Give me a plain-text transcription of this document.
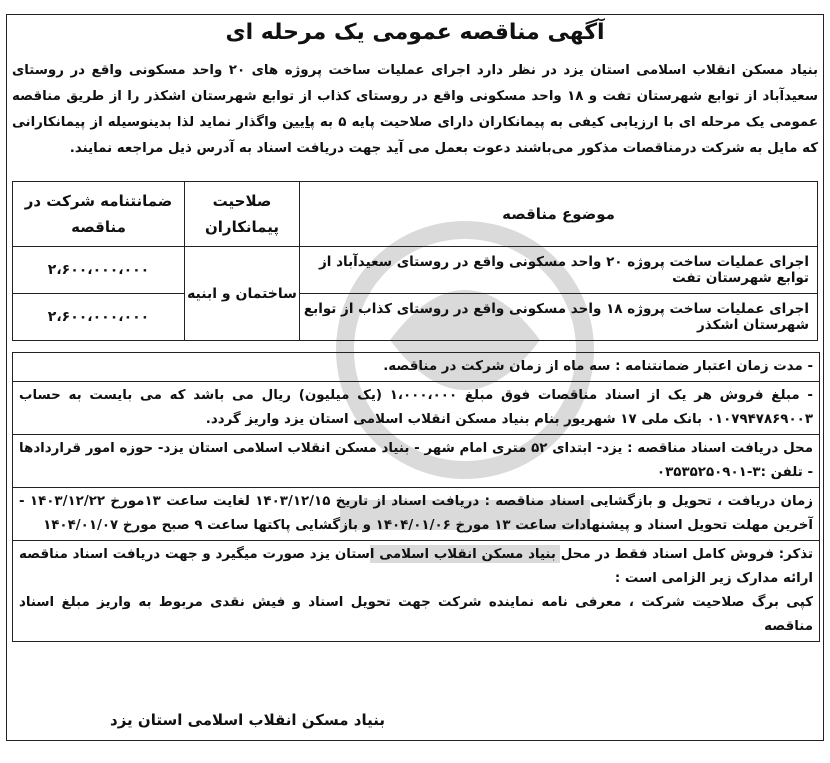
آگهی مناقصه عمومی یک مرحله ای
بنیاد مسکن انقلاب اسلامی استان یزد در نظر دارد اجرای عملیات ساخت پروژه های ۲۰ واحد مسکونی واقع در روستای سعیدآباد از توابع شهرستان تفت و ۱۸ واحد مسکونی واقع در روستای کذاب از توابع شهرستان اشکذر را از طریق مناقصه عمومی یک مرحله ای با ارزیابی کیفی به پیمانکاران دارای صلاحیت پایه ۵ به پایین واگذار نماید لذا بدینوسیله از پیمانکارانی که مایل به شرکت درمناقصات مذکور می‌باشند دعوت بعمل می آید جهت دریافت اسناد به آدرس ذیل مراجعه نمایند.
موضوع مناقصه	صلاحیت پیمانکاران	ضمانتنامه شرکت در مناقصه
اجرای عملیات ساخت پروژه ۲۰ واحد مسکونی واقع در روستای سعیدآباد از توابع شهرستان تفت	ساختمان و ابنیه	۲،۶۰۰،۰۰۰،۰۰۰
اجرای عملیات ساخت پروژه ۱۸ واحد مسکونی واقع در روستای کذاب از توابع شهرستان اشکذر		۲،۶۰۰،۰۰۰،۰۰۰
- مدت زمان اعتبار ضمانتنامه : سه ماه از زمان شرکت در مناقصه.
- مبلغ فروش هر یک از اسناد مناقصات فوق مبلغ ۱،۰۰۰،۰۰۰ (یک میلیون) ریال می باشد که می بایست به حساب ۰۱۰۷۹۴۷۸۶۹۰۰۳ بانک ملی ۱۷ شهریور بنام بنیاد مسکن انقلاب اسلامی استان یزد واریز گردد.
محل دریافت اسناد مناقصه : یزد- ابتدای ۵۲ متری امام شهر - بنیاد مسکن انقلاب اسلامی استان یزد- حوزه امور قراردادها - تلفن :۳-۰۳۵۳۵۲۵۰۹۰۱
زمان دریافت ، تحویل و بازگشایی اسناد مناقصه : دریافت اسناد از تاریخ ۱۴۰۳/۱۲/۱۵ لغایت ساعت ۱۳مورخ ۱۴۰۳/۱۲/۲۲ - آخرین مهلت تحویل اسناد و پیشنهادات ساعت ۱۳ مورخ ۱۴۰۴/۰۱/۰۶ و بازگشایی پاکتها ساعت ۹ صبح مورخ ۱۴۰۴/۰۱/۰۷
تذکر: فروش کامل اسناد فقط در محل بنیاد مسکن انقلاب اسلامی استان یزد صورت میگیرد و جهت دریافت اسناد مناقصه ارائه مدارک زیر الزامی است :
کپی برگ صلاحیت شرکت ، معرفی نامه نماینده شرکت جهت تحویل اسناد و فیش نقدی مربوط به واریز مبلغ اسناد مناقصه
بنیاد مسکن انقلاب اسلامی استان یزد
